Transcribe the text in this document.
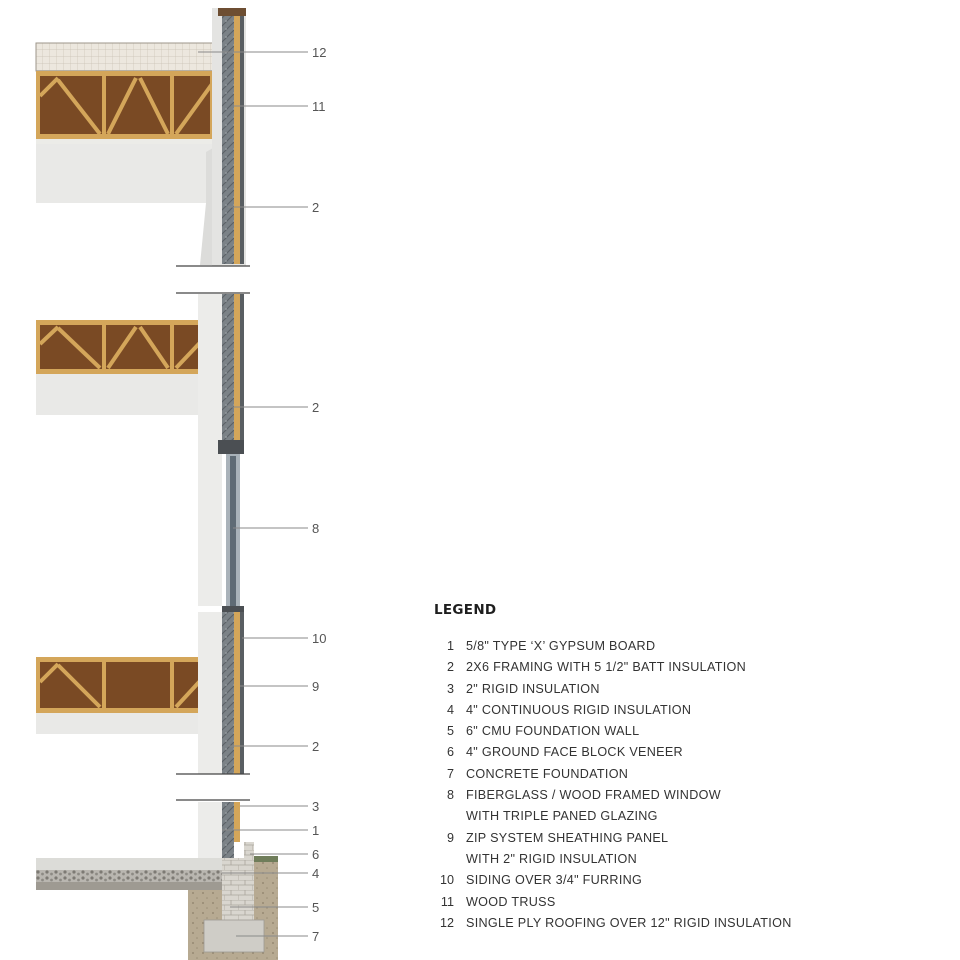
12
11
2
2
8
10
9
2
3
1
6
4
5
7
LEGEND
1 5/8" TYPE ‘X’ GYPSUM BOARD
2 2X6 FRAMING WITH 5 1/2" BATT INSULATION
3 2" RIGID INSULATION
4 4" CONTINUOUS RIGID INSULATION
5 6" CMU FOUNDATION WALL
6 4" GROUND FACE BLOCK VENEER
7 CONCRETE FOUNDATION
8 FIBERGLASS / WOOD FRAMED WINDOW
WITH TRIPLE PANED GLAZING
9 ZIP SYSTEM SHEATHING PANEL
WITH 2" RIGID INSULATION
10 SIDING OVER 3/4" FURRING
11 WOOD TRUSS
12 SINGLE PLY ROOFING OVER 12" RIGID INSULATION
